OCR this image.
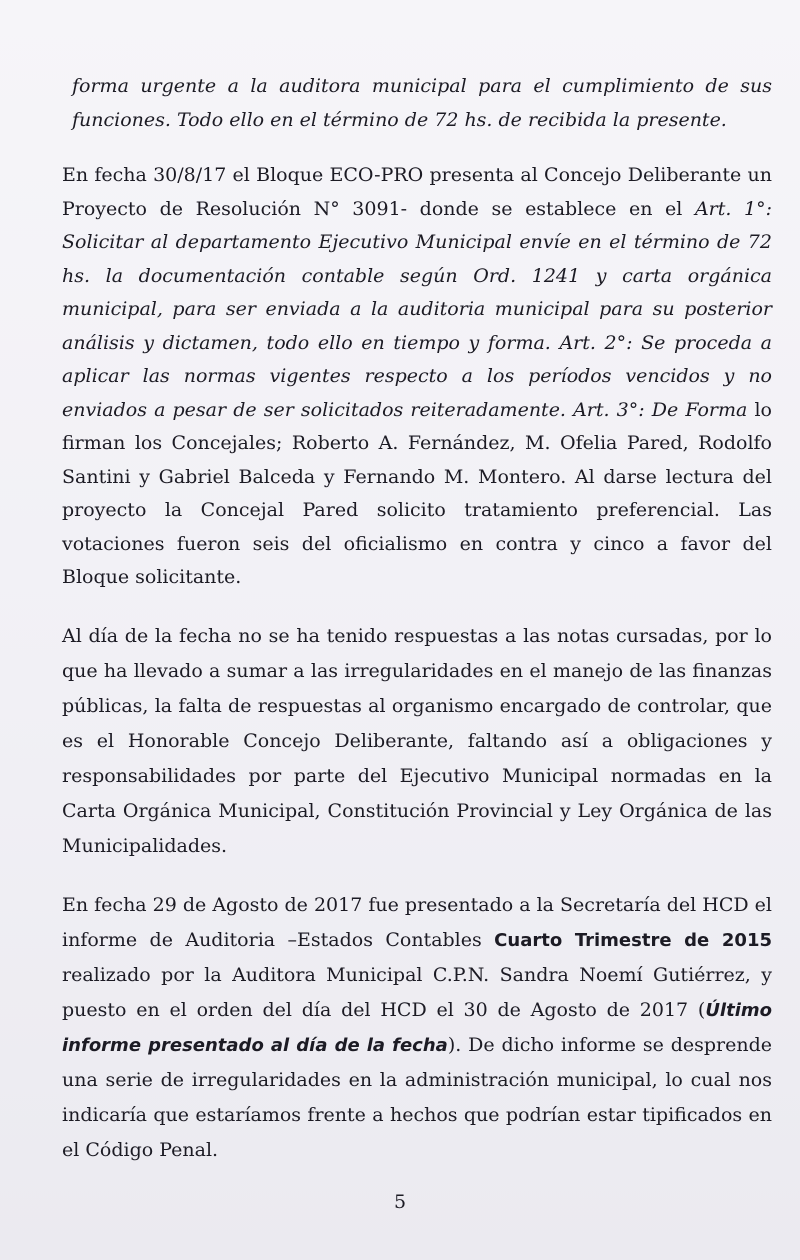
forma urgente a la auditora municipal para el cumplimiento de sus funciones. Todo ello en el término de 72 hs. de recibida la presente.

En fecha 30/8/17 el Bloque ECO-PRO presenta al Concejo Deliberante un Proyecto de Resolución N° 3091- donde se establece en el Art. 1°: Solicitar al departamento Ejecutivo Municipal envíe en el término de 72 hs. la documentación contable según Ord. 1241 y carta orgánica municipal, para ser enviada a la auditoria municipal para su posterior análisis y dictamen, todo ello en tiempo y forma. Art. 2°: Se proceda a aplicar las normas vigentes respecto a los períodos vencidos y no enviados a pesar de ser solicitados reiteradamente. Art. 3°: De Forma lo firman los Concejales; Roberto A. Fernández, M. Ofelia Pared, Rodolfo Santini y Gabriel Balceda y Fernando M. Montero. Al darse lectura del proyecto la Concejal Pared solicito tratamiento preferencial. Las votaciones fueron seis del oficialismo en contra y cinco a favor del Bloque solicitante.

Al día de la fecha no se ha tenido respuestas a las notas cursadas, por lo que ha llevado a sumar a las irregularidades en el manejo de las finanzas públicas, la falta de respuestas al organismo encargado de controlar, que es el Honorable Concejo Deliberante, faltando así a obligaciones y responsabilidades por parte del Ejecutivo Municipal normadas en la Carta Orgánica Municipal, Constitución Provincial y Ley Orgánica de las Municipalidades.

En fecha 29 de Agosto de 2017 fue presentado a la Secretaría del HCD el informe de Auditoria –Estados Contables Cuarto Trimestre de 2015 realizado por la Auditora Municipal C.P.N. Sandra Noemí Gutiérrez, y puesto en el orden del día del HCD el 30 de Agosto de 2017 (Último informe presentado al día de la fecha). De dicho informe se desprende una serie de irregularidades en la administración municipal, lo cual nos indicaría que estaríamos frente a hechos que podrían estar tipificados en el Código Penal.

5
